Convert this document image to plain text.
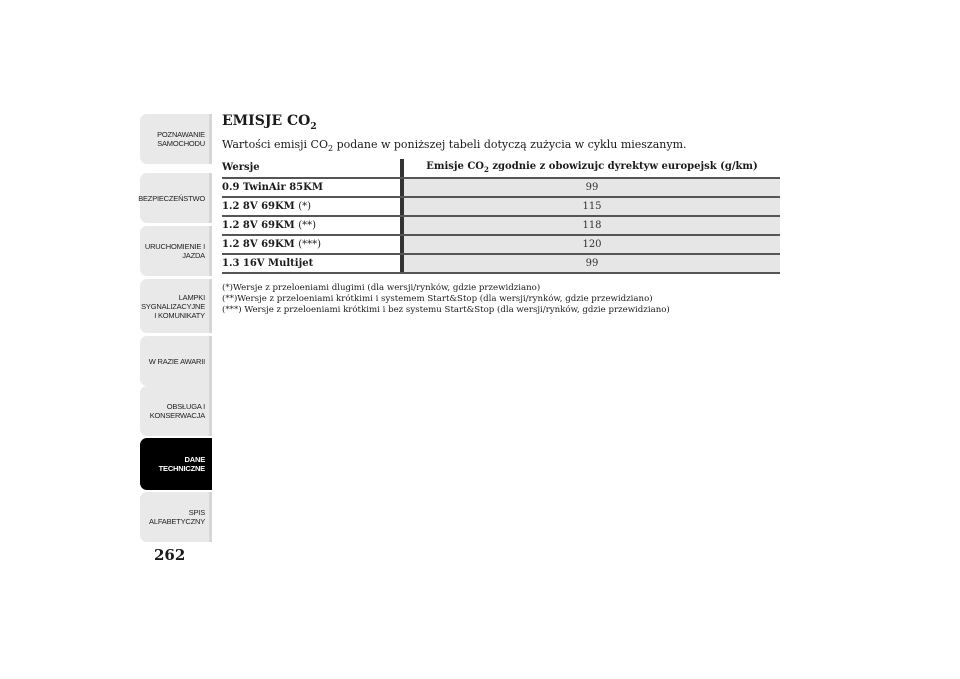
POZNAWANIE
SAMOCHODU
BEZPIECZEŃSTWO
URUCHOMIENIE I
JAZDA
LAMPKI
SYGNALIZACYJNE
I KOMUNIKATY
W RAZIE AWARII
OBSŁUGA I
KONSERWACJA
DANE
TECHNICZNE
SPIS
ALFABETYCZNY
262
EMISJE $CO_2$

Wartości emisji $CO_2$ podane w poniższej tabeli dotyczą zużycia w cyklu mieszanym.

Wersje		Emisje $CO_2$ zgodnie z obowizujc dyrektyw europejsk (g/km)
0.9 TwinAir 85KM		99
1.2 8V 69KM (*)		115
1.2 8V 69KM (**)		118
1.2 8V 69KM (***)		120
1.3 16V Multijet		99
(*)Wersje z przeloeniami dlugimi (dla wersji/rynków, gdzie przewidziano)
(**)Wersje z przeloeniami krótkimi i systemem Start&Stop (dla wersji/rynków, gdzie przewidziano)
(***) Wersje z przeloeniami krótkimi i bez systemu Start&Stop (dla wersji/rynków, gdzie przewidziano)
